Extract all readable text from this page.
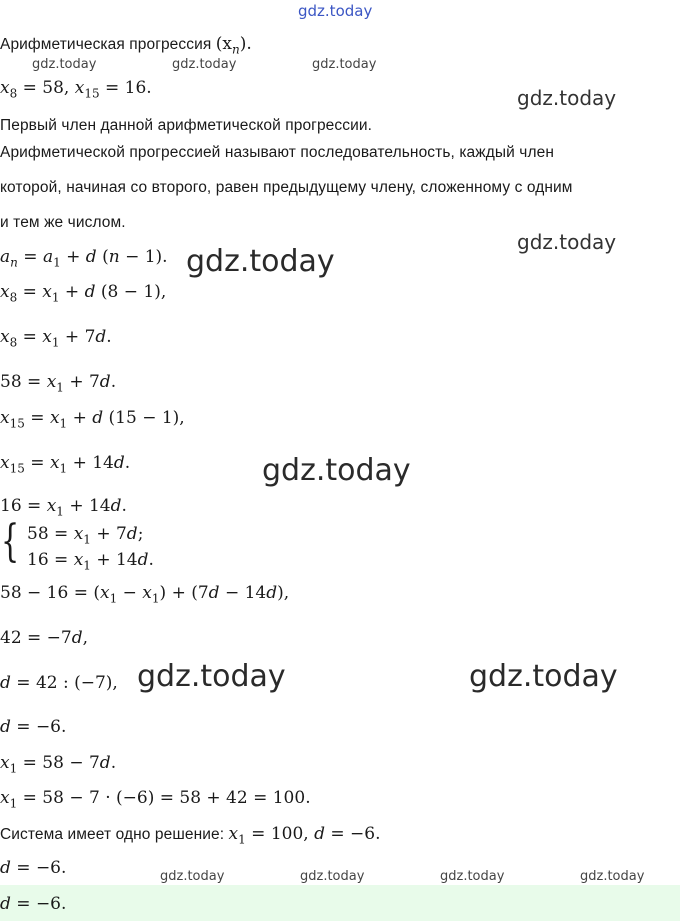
gdz.today
gdz.today	gdz.today	gdz.today
gdz.today
gdz.today
gdz.today
gdz.today
gdz.today	gdz.today
gdz.today	gdz.today	gdz.today	gdz.today
Арифметическая прогрессия $(x_n)$.
$x_8 = 58$, $x_{15} = 16$.
Первый член данной арифметической прогрессии.
Арифметической прогрессией называют последовательность, каждый член
которой, начиная со второго, равен предыдущему члену, сложенному с одним
и тем же числом.
$a_n = a_1 + d$ (n − 1).
$x_8 = x_1 + d$ (8 − 1),
$x_8 = x_1 + 7d$.
$58 = x_1 + 7d$.
$x_{15} = x_1 + d$ (15 − 1),
$x_{15} = x_1 + 14d$.
$16 = x_1 + 14d$.
{ $58 = x_1 + 7d$;
$16 = x_1 + 14d$.
$58 - 16 = (x_1 - x_1) + (7d - 14d)$,
42 = −7d,
d = 42 : (−7),
d = −6.
$x_1 = 58 - 7d$.
$x_1 = 58 - 7 \cdot (-6) = 58 + 42 = 100$.
Система имеет одно решение: $x_1 = 100$, d = −6.
d = −6.
d = −6.
